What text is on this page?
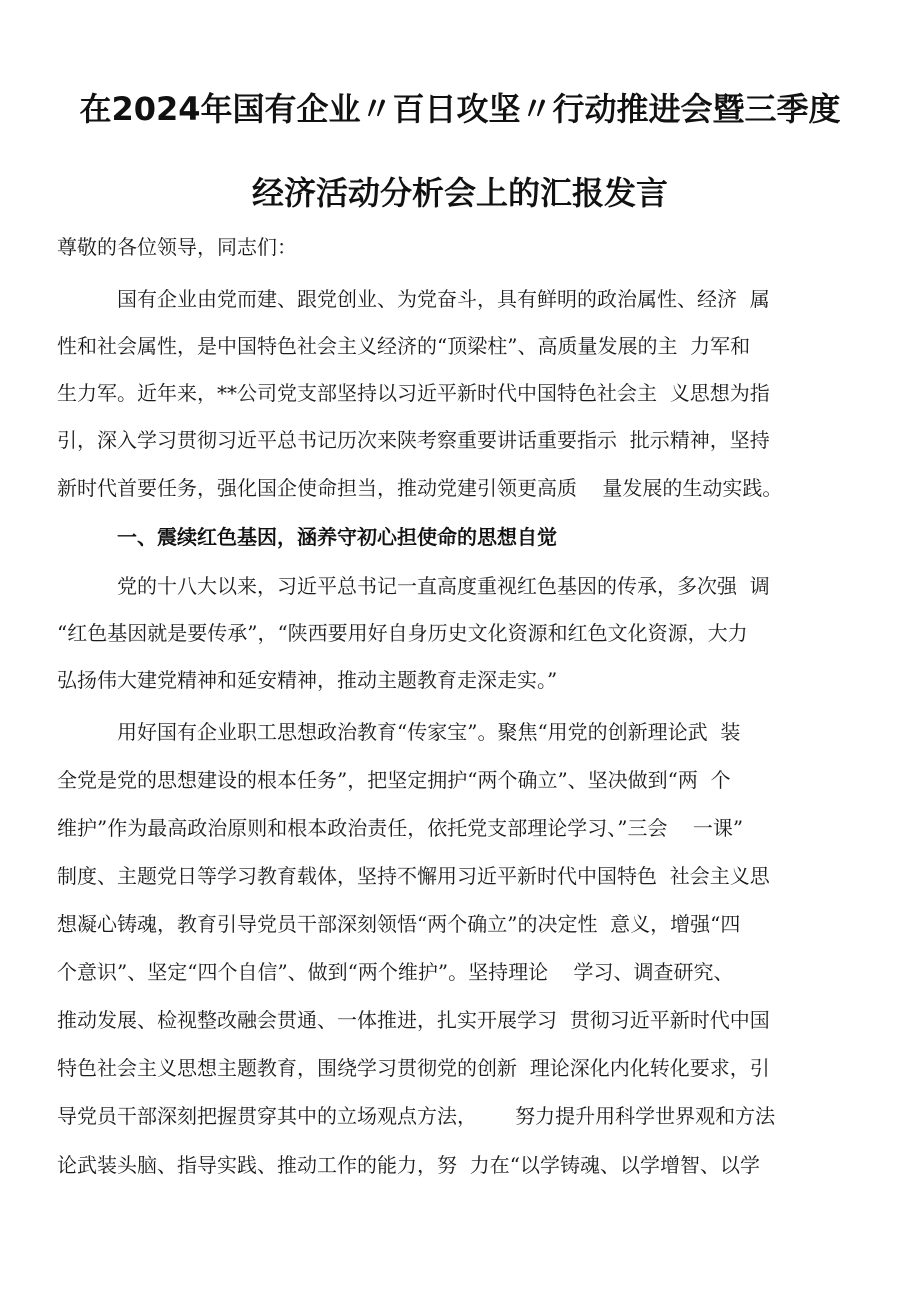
在2024年国有企业〃百日攻坚〃行动推进会暨三季度
经济活动分析会上的汇报发言
尊敬的各位领导，同志们：
国有企业由党而建、跟党创业、为党奋斗，具有鲜明的政治属性、经济  属
性和社会属性，是中国特色社会主义经济的“顶梁柱”、高质量发展的主  力军和
生力军。近年来，**公司党支部坚持以习近平新时代中国特色社会主  义思想为指
引，深入学习贯彻习近平总书记历次来陕考察重要讲话重要指示  批示精神，坚持
新时代首要任务，强化国企使命担当，推动党建引领更高质    量发展的生动实践。
一、震续红色基因，涵养守初心担使命的思想自觉
党的十八大以来，习近平总书记一直高度重视红色基因的传承，多次强  调
“红色基因就是要传承”，“陕西要用好自身历史文化资源和红色文化资源，大力
弘扬伟大建党精神和延安精神，推动主题教育走深走实。”
用好国有企业职工思想政治教育“传家宝”。聚焦“用党的创新理论武  装
全党是党的思想建设的根本任务”，把坚定拥护“两个确立”、坚决做到“两  个
维护”作为最高政治原则和根本政治责任，依托党支部理论学习、”三会    一课”
制度、主题党日等学习教育载体，坚持不懈用习近平新时代中国特色  社会主义思
想凝心铸魂，教育引导党员干部深刻领悟“两个确立”的决定性  意义，增强“四
个意识”、坚定“四个自信”、做到“两个维护”。坚持理论    学习、调查研究、
推动发展、检视整改融会贯通、一体推进，扎实开展学习  贯彻习近平新时代中国
特色社会主义思想主题教育，围绕学习贯彻党的创新  理论深化内化转化要求，引
导党员干部深刻把握贯穿其中的立场观点方法，      努力提升用科学世界观和方法
论武装头脑、指导实践、推动工作的能力，努  力在“以学铸魂、以学增智、以学
